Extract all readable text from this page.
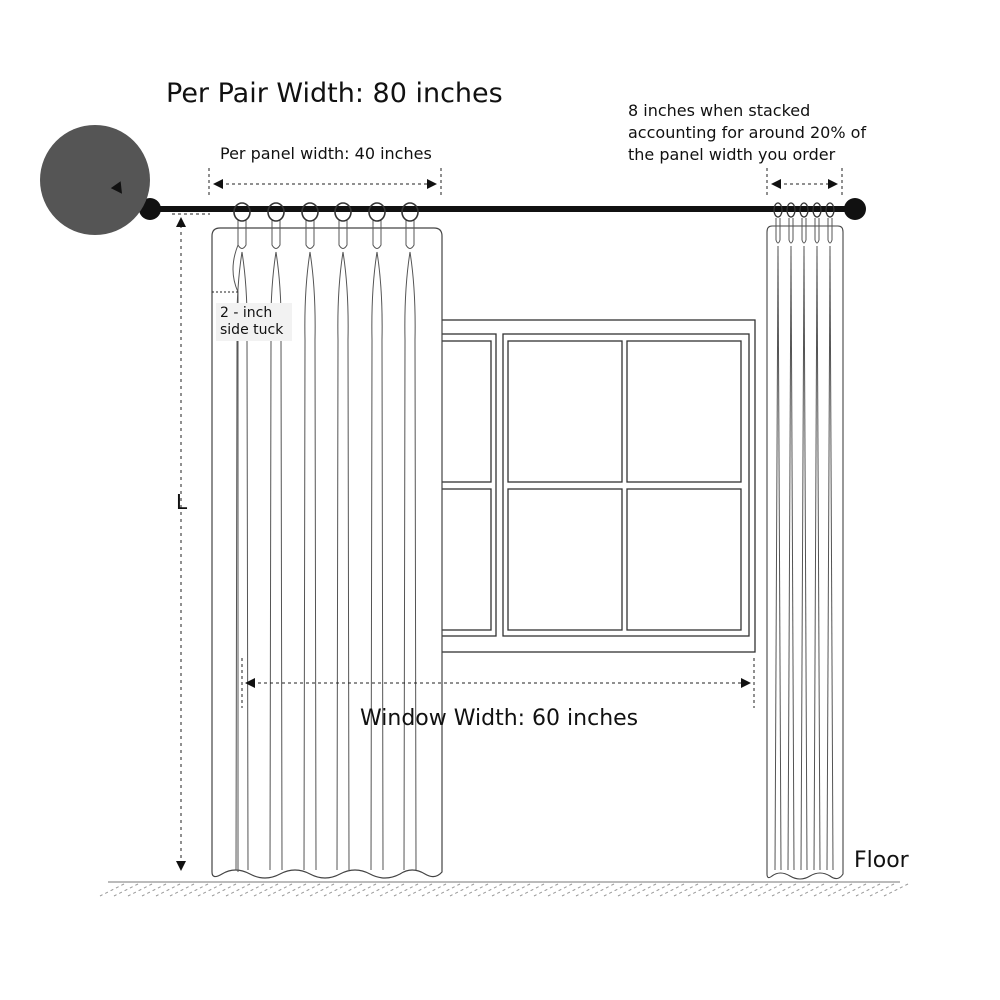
Per Pair Width: 80 inches
Per panel width: 40 inches
8 inches when stacked accounting for around 20% of the panel width you order
2 - inch side tuck
L
Window Width: 60 inches
Floor
